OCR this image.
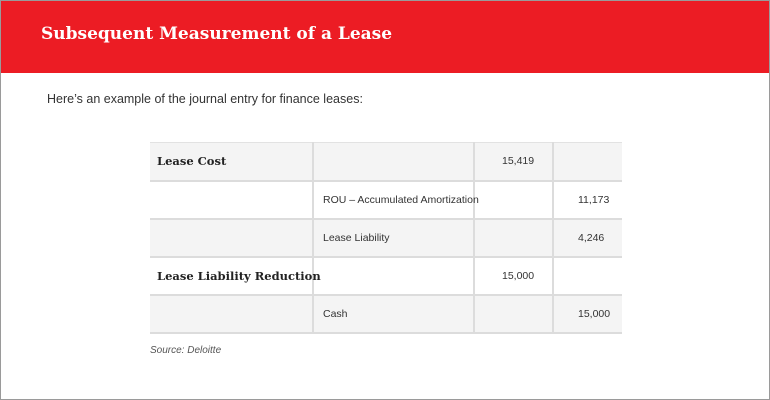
Subsequent Measurement of a Lease
Here’s an example of the journal entry for finance leases:
Lease Cost		15,419	
	ROU – Accumulated Amortization		11,173
	Lease Liability		4,246
Lease Liability Reduction		15,000	
	Cash		15,000
Source: Deloitte
